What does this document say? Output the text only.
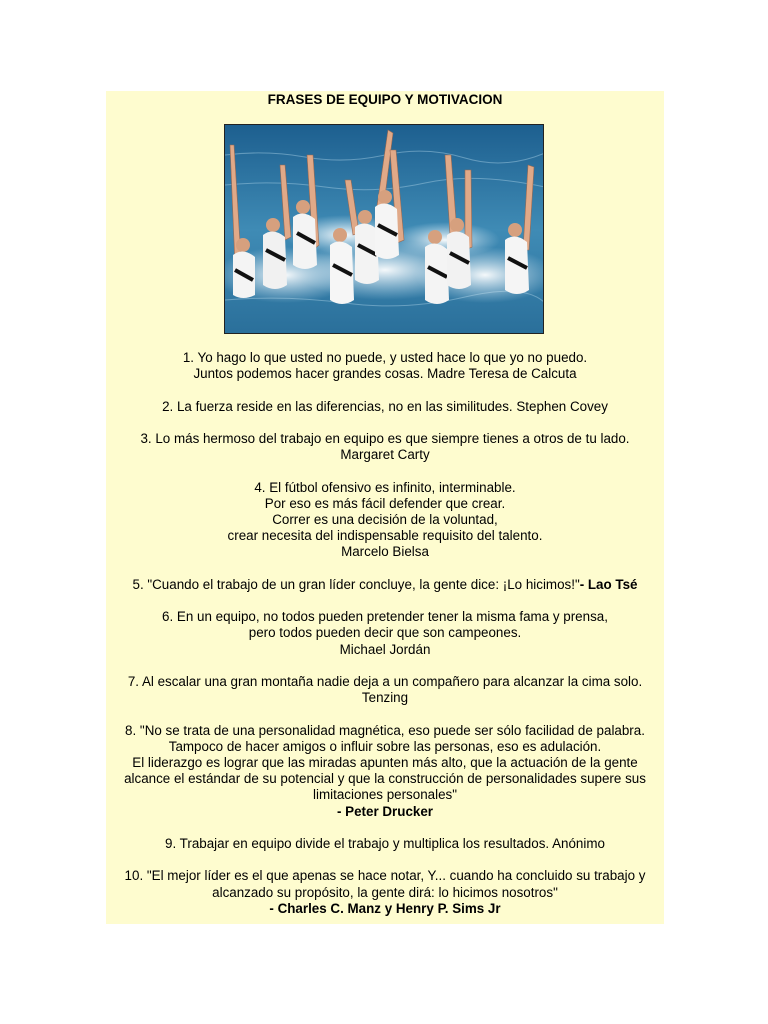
FRASES DE EQUIPO Y MOTIVACION
1. Yo hago lo que usted no puede, y usted hace lo que yo no puedo.
Juntos podemos hacer grandes cosas. Madre Teresa de Calcuta
2. La fuerza reside en las diferencias, no en las similitudes. Stephen Covey
3. Lo más hermoso del trabajo en equipo es que siempre tienes a otros de tu lado.
Margaret Carty
4. El fútbol ofensivo es infinito, interminable.
Por eso es más fácil defender que crear.
Correr es una decisión de la voluntad,
crear necesita del indispensable requisito del talento.
Marcelo Bielsa
5. "Cuando el trabajo de un gran líder concluye, la gente dice: ¡Lo hicimos!"- Lao Tsé
6. En un equipo, no todos pueden pretender tener la misma fama y prensa,
pero todos pueden decir que son campeones.
Michael Jordán
7. Al escalar una gran montaña nadie deja a un compañero para alcanzar la cima solo.
Tenzing
8. "No se trata de una personalidad magnética, eso puede ser sólo facilidad de palabra.
Tampoco de hacer amigos o influir sobre las personas, eso es adulación.
El liderazgo es lograr que las miradas apunten más alto, que la actuación de la gente
alcance el estándar de su potencial y que la construcción de personalidades supere sus
limitaciones personales"
- Peter Drucker
9. Trabajar en equipo divide el trabajo y multiplica los resultados. Anónimo
10. "El mejor líder es el que apenas se hace notar, Y... cuando ha concluido su trabajo y
alcanzado su propósito, la gente dirá: lo hicimos nosotros"
- Charles C. Manz y Henry P. Sims Jr
